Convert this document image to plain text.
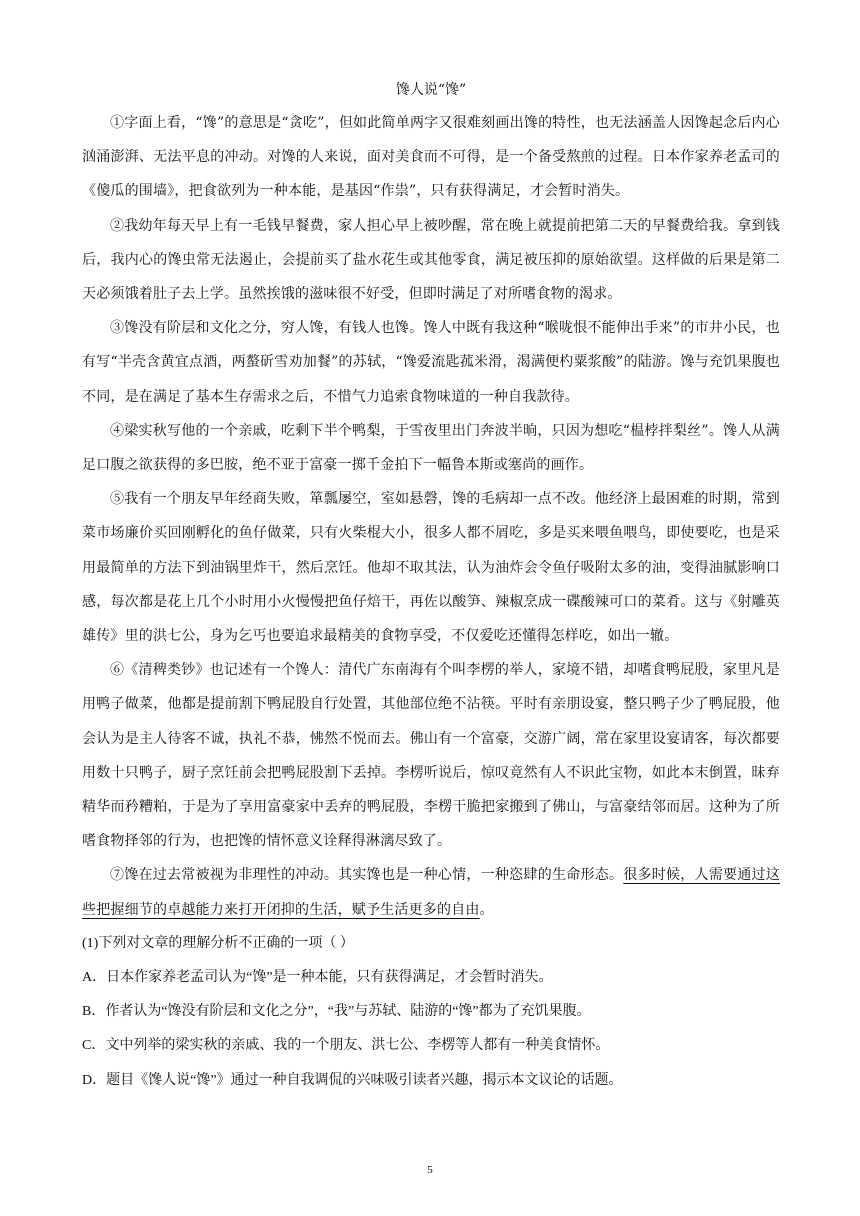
馋人说“馋”

①字面上看，“馋”的意思是“贪吃”，但如此简单两字又很难刻画出馋的特性，也无法涵盖人因馋起念后内心汹涌澎湃、无法平息的冲动。对馋的人来说，面对美食而不可得，是一个备受熬煎的过程。日本作家养老孟司的《傻瓜的围墙》，把食欲列为一种本能，是基因“作祟”，只有获得满足，才会暂时消失。

②我幼年每天早上有一毛钱早餐费，家人担心早上被吵醒，常在晚上就提前把第二天的早餐费给我。拿到钱后，我内心的馋虫常无法遏止，会提前买了盐水花生或其他零食，满足被压抑的原始欲望。这样做的后果是第二天必须饿着肚子去上学。虽然挨饿的滋味很不好受，但即时满足了对所嗜食物的渴求。

③馋没有阶层和文化之分，穷人馋，有钱人也馋。馋人中既有我这种“喉咙恨不能伸出手来”的市井小民，也有写“半壳含黄宜点酒，两螯斫雪劝加餐”的苏轼，“馋爱流匙菰米滑，渴满便杓粟浆酸”的陆游。馋与充饥果腹也不同，是在满足了基本生存需求之后，不惜气力追索食物味道的一种自我款待。

④梁实秋写他的一个亲戚，吃剩下半个鸭梨，于雪夜里出门奔波半晌，只因为想吃“榅桲拌梨丝”。馋人从满足口腹之欲获得的多巴胺，绝不亚于富豪一掷千金拍下一幅鲁本斯或塞尚的画作。

⑤我有一个朋友早年经商失败，箪瓢屡空，室如悬磬，馋的毛病却一点不改。他经济上最困难的时期，常到菜市场廉价买回刚孵化的鱼仔做菜，只有火柴棍大小，很多人都不屑吃，多是买来喂鱼喂鸟，即使要吃，也是采用最简单的方法下到油锅里炸干，然后烹饪。他却不取其法，认为油炸会令鱼仔吸附太多的油，变得油腻影响口感，每次都是花上几个小时用小火慢慢把鱼仔焙干，再佐以酸笋、辣椒烹成一碟酸辣可口的菜肴。这与《射雕英雄传》里的洪七公，身为乞丐也要追求最精美的食物享受，不仅爱吃还懂得怎样吃，如出一辙。

⑥《清稗类钞》也记述有一个馋人：清代广东南海有个叫李楞的举人，家境不错，却嗜食鸭屁股，家里凡是用鸭子做菜，他都是提前割下鸭屁股自行处置，其他部位绝不沾筷。平时有亲朋设宴，整只鸭子少了鸭屁股，他会认为是主人待客不诚，执礼不恭，怫然不悦而去。佛山有一个富豪，交游广阔，常在家里设宴请客，每次都要用数十只鸭子，厨子烹饪前会把鸭屁股割下丢掉。李楞听说后，惊叹竟然有人不识此宝物，如此本末倒置，昧弃精华而矜糟粕，于是为了享用富豪家中丢弃的鸭屁股，李楞干脆把家搬到了佛山，与富豪结邻而居。这种为了所嗜食物择邻的行为，也把馋的情怀意义诠释得淋漓尽致了。

⑦馋在过去常被视为非理性的冲动。其实馋也是一种心情，一种恣肆的生命形态。很多时候，人需要通过这些把握细节的卓越能力来打开闭抑的生活，赋予生活更多的自由。

(1)下列对文章的理解分析不正确的一项（ ）

A．日本作家养老孟司认为“馋”是一种本能，只有获得满足，才会暂时消失。

B．作者认为“馋没有阶层和文化之分”，“我”与苏轼、陆游的“馋”都为了充饥果腹。

C．文中列举的梁实秋的亲戚、我的一个朋友、洪七公、李楞等人都有一种美食情怀。

D．题目《馋人说“馋”》通过一种自我调侃的兴味吸引读者兴趣，揭示本文议论的话题。

5
